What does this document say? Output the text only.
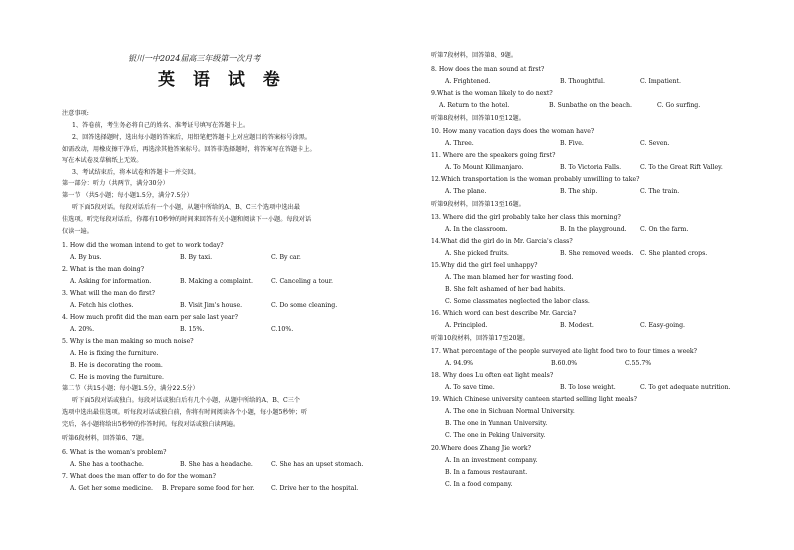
银川一中2024届高三年级第一次月考
英 语 试 卷
注意事项:
1、答卷前，考生务必将自己的姓名、准考证号填写在答题卡上。
2、回答选择题时，选出每小题的答案后，用铅笔把答题卡上对应题目的答案标号涂黑。
如需改动，用橡皮擦干净后，再选涂其他答案标号。回答非选择题时，将答案写在答题卡上。
写在本试卷及草稿纸上无效。
3、考试结束后，将本试卷和答题卡一并交回。
第一部分：听力（共两节，满分30分）
第一节 （共5小题；每小题1.5分，满分7.5分）
听下面5段对话。每段对话后有一个小题，从题中所给的A、B、C三个选项中选出最
佳选项。听完每段对话后，你都有10秒钟的时间来回答有关小题和阅读下一小题。每段对话
仅读一遍。
1. How did the woman intend to get to work today?
A. By bus.	B. By taxi.	C. By car.
2. What is the man doing?
A. Asking for information.	B. Making a complaint.	C. Canceling a tour.
3. What will the man do first?
A. Fetch his clothes.	B. Visit Jim's house.	C. Do some cleaning.
4. How much profit did the man earn per sale last year?
A. 20%.	B. 15%.	C.10%.
5. Why is the man making so much noise?
A. He is fixing the furniture.
B. He is decorating the room.
C. He is moving the furniture.
第二节（共15小题；每小题1.5分，满分22.5分）
听下面5段对话或独白。每段对话或独白后有几个小题，从题中所给的A、B、C三个
选项中选出最佳选项。听每段对话或独白前，你将有时间阅读各个小题，每小题5秒钟；听
完后，各小题将给出5秒钟的作答时间。每段对话或独白读两遍。
听第6段材料，回答第6、7题。
6. What is the woman's problem?
A. She has a toothache.	B. She has a headache.	C. She has an upset stomach.
7. What does the man offer to do for the woman?
A. Get her some medicine. B. Prepare some food for her.	C. Drive her to the hospital.
听第7段材料，回答第8、9题。
8. How does the man sound at first?
A. Frightened.	B. Thoughtful.	C. Impatient.
9.What is the woman likely to do next?
A. Return to the hotel.	B. Sunbathe on the beach.	C. Go surfing.
听第8段材料，回答第10至12题。
10. How many vacation days does the woman have?
A. Three.	B. Five.	C. Seven.
11. Where are the speakers going first?
A. To Mount Kilimanjaro.	B. To Victoria Falls.	C. To the Great Rift Valley.
12.Which transportation is the woman probably unwilling to take?
A. The plane.	B. The ship.	C. The train.
听第9段材料，回答第13至16题。
13. Where did the girl probably take her class this morning?
A. In the classroom.	B. In the playground. C. On the farm.
14.What did the girl do in Mr. Garcia's class?
A. She picked fruits.	B. She removed weeds. C. She planted crops.
15.Why did the girl feel unhappy?
A. The man blamed her for wasting food.
B. She felt ashamed of her bad habits.
C. Some classmates neglected the labor class.
16. Which word can best describe Mr. Garcia?
A. Principled.	B. Modest.	C. Easy-going.
听第10段材料，回答第17至20题。
17. What percentage of the people surveyed ate light food two to four times a week?
A. 94.9%	B.60.0%	C.55.7%
18. Why does Lu often eat light meals?
A. To save time.	B. To lose weight.	C. To get adequate nutrition.
19. Which Chinese university canteen started selling light meals?
A. The one in Sichuan Normal University.
B. The one in Yunnan University.
C. The one in Peking University.
20.Where does Zhang Jie work?
A. In an investment company.
B. In a famous restaurant.
C. In a food company.
